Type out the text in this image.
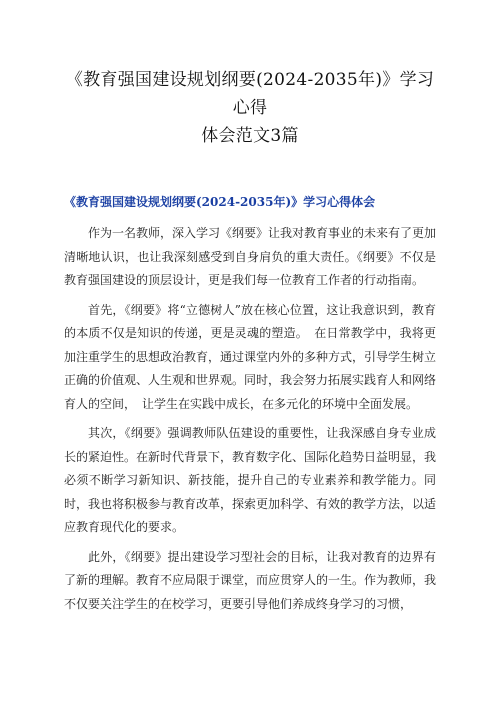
《教育强国建设规划纲要(2024-2035年)》学习心得
体会范文3篇
《教育强国建设规划纲要(2024-2035年)》学习心得体会

作为一名教师，深入学习《纲要》让我对教育事业的未来有了更加清晰地认识，也让我深刻感受到自身肩负的重大责任。《纲要》不仅是教育强国建设的顶层设计，更是我们每一位教育工作者的行动指南。

首先，《纲要》将“立德树人”放在核心位置，这让我意识到，教育的本质不仅是知识的传递，更是灵魂的塑造。　在日常教学中，我将更加注重学生的思想政治教育，通过课堂内外的多种方式，引导学生树立正确的价值观、人生观和世界观。同时，我会努力拓展实践育人和网络育人的空间，　让学生在实践中成长，在多元化的环境中全面发展。

其次，《纲要》强调教师队伍建设的重要性，让我深感自身专业成长的紧迫性。在新时代背景下，教育数字化、国际化趋势日益明显，我必须不断学习新知识、新技能，提升自己的专业素养和教学能力。同时，我也将积极参与教育改革，探索更加科学、有效的教学方法，以适应教育现代化的要求。

此外，《纲要》提出建设学习型社会的目标，让我对教育的边界有了新的理解。教育不应局限于课堂，而应贯穿人的一生。作为教师，我不仅要关注学生的在校学习，更要引导他们养成终身学习的习惯，
